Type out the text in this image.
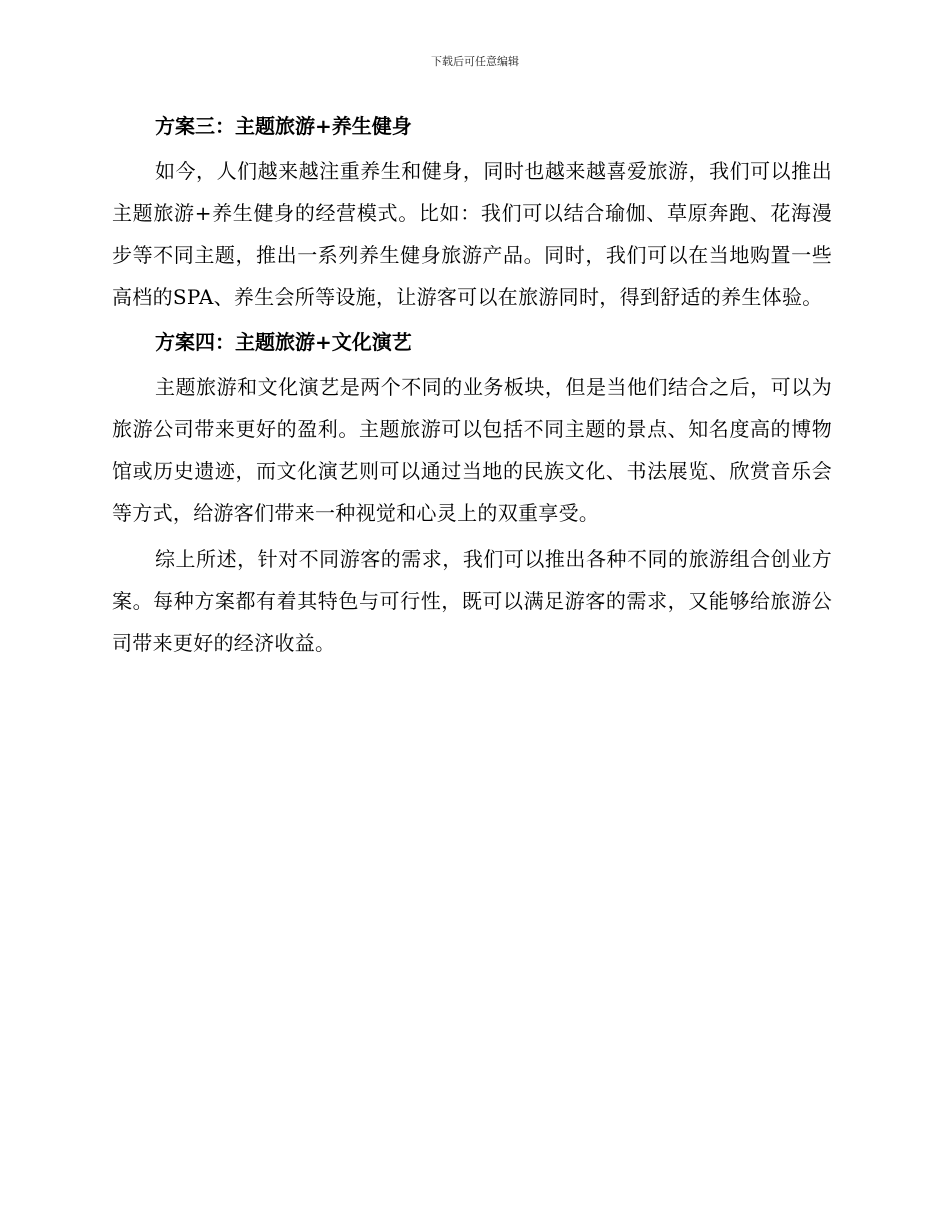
下载后可任意编辑
方案三：主题旅游+养生健身

如今，人们越来越注重养生和健身，同时也越来越喜爱旅游，我们可以推出主题旅游+养生健身的经营模式。比如：我们可以结合瑜伽、草原奔跑、花海漫步等不同主题，推出一系列养生健身旅游产品。同时，我们可以在当地购置一些高档的SPA、养生会所等设施，让游客可以在旅游同时，得到舒适的养生体验。

方案四：主题旅游+文化演艺

主题旅游和文化演艺是两个不同的业务板块，但是当他们结合之后，可以为旅游公司带来更好的盈利。主题旅游可以包括不同主题的景点、知名度高的博物馆或历史遗迹，而文化演艺则可以通过当地的民族文化、书法展览、欣赏音乐会等方式，给游客们带来一种视觉和心灵上的双重享受。

综上所述，针对不同游客的需求，我们可以推出各种不同的旅游组合创业方案。每种方案都有着其特色与可行性，既可以满足游客的需求，又能够给旅游公司带来更好的经济收益。
